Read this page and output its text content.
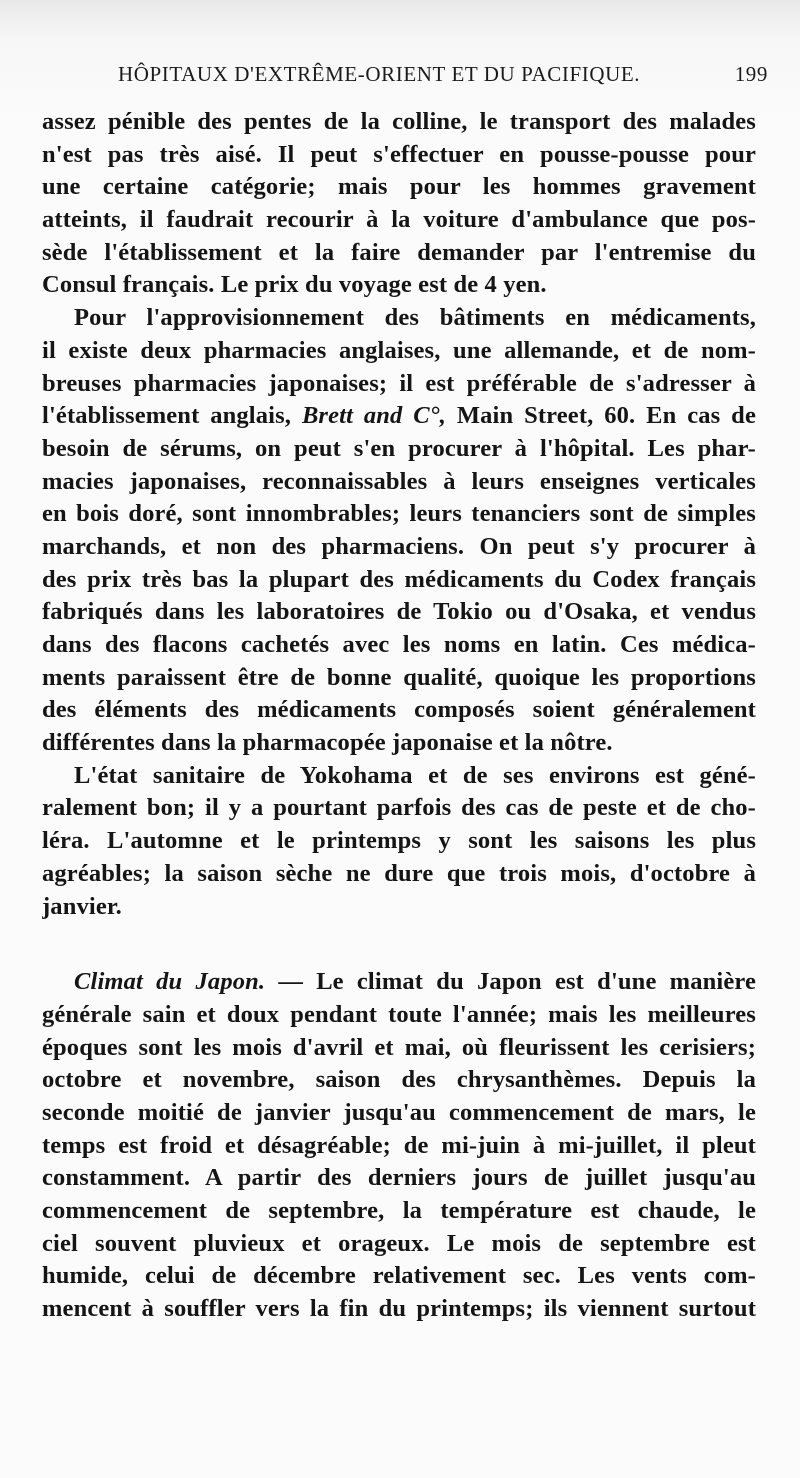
HÔPITAUX D'EXTRÊME-ORIENT ET DU PACIFIQUE.	199
assez pénible des pentes de la colline, le transport des malades
n'est pas très aisé. Il peut s'effectuer en pousse-pousse pour
une certaine catégorie; mais pour les hommes gravement
atteints, il faudrait recourir à la voiture d'ambulance que pos-
sède l'établissement et la faire demander par l'entremise du
Consul français. Le prix du voyage est de 4 yen.
Pour l'approvisionnement des bâtiments en médicaments,
il existe deux pharmacies anglaises, une allemande, et de nom-
breuses pharmacies japonaises; il est préférable de s'adresser à
l'établissement anglais, Brett and C°, Main Street, 60. En cas de
besoin de sérums, on peut s'en procurer à l'hôpital. Les phar-
macies japonaises, reconnaissables à leurs enseignes verticales
en bois doré, sont innombrables; leurs tenanciers sont de simples
marchands, et non des pharmaciens. On peut s'y procurer à
des prix très bas la plupart des médicaments du Codex français
fabriqués dans les laboratoires de Tokio ou d'Osaka, et vendus
dans des flacons cachetés avec les noms en latin. Ces médica-
ments paraissent être de bonne qualité, quoique les proportions
des éléments des médicaments composés soient généralement
différentes dans la pharmacopée japonaise et la nôtre.
L'état sanitaire de Yokohama et de ses environs est géné-
ralement bon; il y a pourtant parfois des cas de peste et de cho-
léra. L'automne et le printemps y sont les saisons les plus
agréables; la saison sèche ne dure que trois mois, d'octobre à
janvier.
Climat du Japon. — Le climat du Japon est d'une manière
générale sain et doux pendant toute l'année; mais les meilleures
époques sont les mois d'avril et mai, où fleurissent les cerisiers;
octobre et novembre, saison des chrysanthèmes. Depuis la
seconde moitié de janvier jusqu'au commencement de mars, le
temps est froid et désagréable; de mi-juin à mi-juillet, il pleut
constamment. A partir des derniers jours de juillet jusqu'au
commencement de septembre, la température est chaude, le
ciel souvent pluvieux et orageux. Le mois de septembre est
humide, celui de décembre relativement sec. Les vents com-
mencent à souffler vers la fin du printemps; ils viennent surtout
